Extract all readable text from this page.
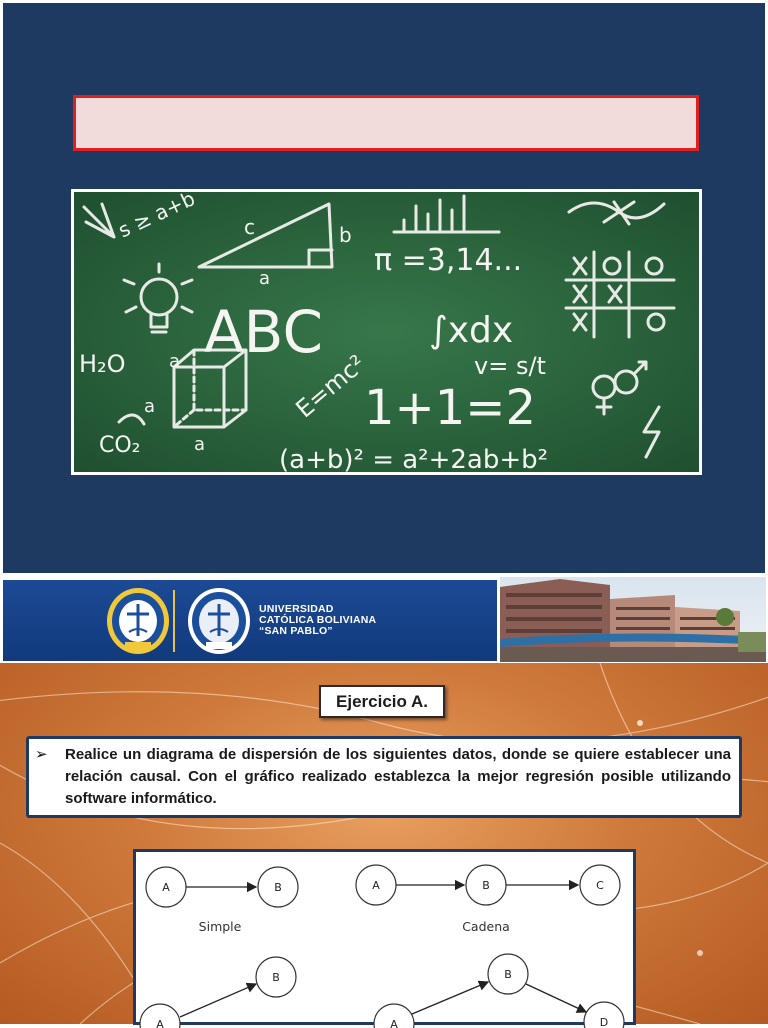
π =3,14...
ABC	∫xdx
v= s/t
1+1=2
(a+b)² = a²+2ab+b²
E=mc²
H₂O
CO₂
c	b
a
a
a
a
s ≥ a+b
UNIVERSIDAD
CATÓLICA BOLIVIANA
“SAN PABLO”
Ejercicio A.
➢ Realice un diagrama de dispersión de los siguientes datos, donde se quiere establecer una relación causal. Con el gráfico realizado establezca la mejor regresión posible utilizando software informático.
A	B	A	B	C
B
A
B
A	D
Simple	Cadena
